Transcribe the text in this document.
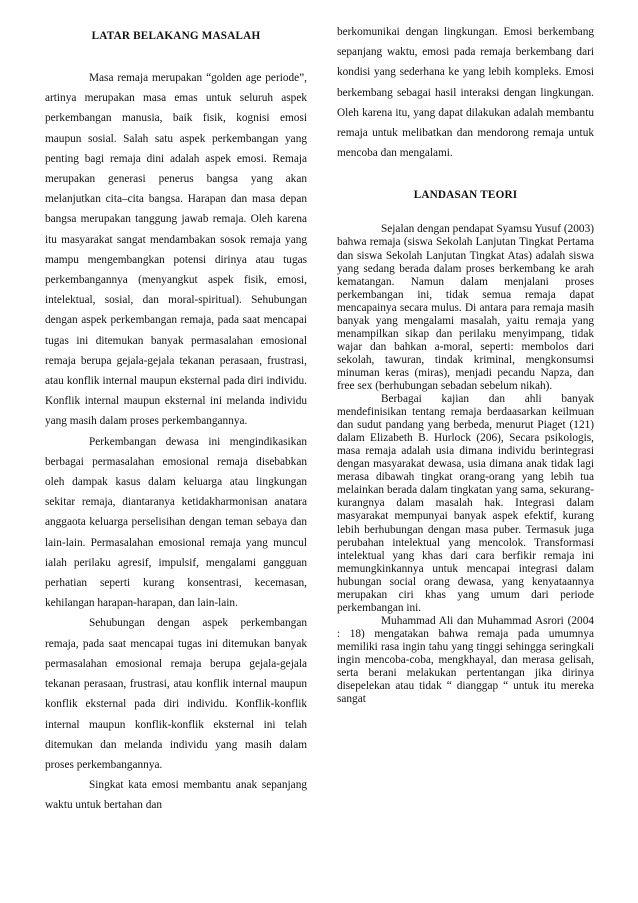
LATAR BELAKANG MASALAH

Masa remaja merupakan “golden age periode”, artinya merupakan masa emas untuk seluruh aspek perkembangan manusia, baik fisik, kognisi emosi maupun sosial. Salah satu aspek perkembangan yang penting bagi remaja dini adalah aspek emosi. Remaja merupakan generasi penerus bangsa yang akan melanjutkan cita–cita bangsa. Harapan dan masa depan bangsa merupakan tanggung jawab remaja. Oleh karena itu masyarakat sangat mendambakan sosok remaja yang mampu mengembangkan potensi dirinya atau tugas perkembangannya (menyangkut aspek fisik, emosi, intelektual, sosial, dan moral-spiritual). Sehubungan dengan aspek perkembangan remaja, pada saat mencapai tugas ini ditemukan banyak permasalahan emosional remaja berupa gejala-gejala tekanan perasaan, frustrasi, atau konflik internal maupun eksternal pada diri individu. Konflik internal maupun eksternal ini melanda individu yang masih dalam proses perkembangannya.

Perkembangan dewasa ini mengindikasikan berbagai permasalahan emosional remaja disebabkan oleh dampak kasus dalam keluarga atau lingkungan sekitar remaja, diantaranya ketidakharmonisan anatara anggaota keluarga perselisihan dengan teman sebaya dan lain-lain. Permasalahan emosional remaja yang muncul ialah perilaku agresif, impulsif, mengalami gangguan perhatian seperti kurang konsentrasi, kecemasan, kehilangan harapan-harapan, dan lain-lain.

Sehubungan dengan aspek perkembangan remaja, pada saat mencapai tugas ini ditemukan banyak permasalahan emosional remaja berupa gejala-gejala tekanan perasaan, frustrasi, atau konflik internal maupun konflik eksternal pada diri individu. Konflik-konflik internal maupun konflik-konflik eksternal ini telah ditemukan dan melanda individu yang masih dalam proses perkembangannya.

Singkat kata emosi membantu anak sepanjang waktu untuk bertahan dan

berkomunikai dengan lingkungan. Emosi berkembang sepanjang waktu, emosi pada remaja berkembang dari kondisi yang sederhana ke yang lebih kompleks. Emosi berkembang sebagai hasil interaksi dengan lingkungan. Oleh karena itu, yang dapat dilakukan adalah membantu remaja untuk melibatkan dan mendorong remaja untuk mencoba dan mengalami.

LANDASAN TEORI

Sejalan dengan pendapat Syamsu Yusuf (2003) bahwa remaja (siswa Sekolah Lanjutan Tingkat Pertama dan siswa Sekolah Lanjutan Tingkat Atas) adalah siswa yang sedang berada dalam proses berkembang ke arah kematangan. Namun dalam menjalani proses perkembangan ini, tidak semua remaja dapat mencapainya secara mulus. Di antara para remaja masih banyak yang mengalami masalah, yaitu remaja yang menampilkan sikap dan perilaku menyimpang, tidak wajar dan bahkan a-moral, seperti: membolos dari sekolah, tawuran, tindak kriminal, mengkonsumsi minuman keras (miras), menjadi pecandu Napza, dan free sex (berhubungan sebadan sebelum nikah).

Berbagai kajian dan ahli banyak mendefinisikan tentang remaja berdaasarkan keilmuan dan sudut pandang yang berbeda, menurut Piaget (121) dalam Elizabeth B. Hurlock (206), Secara psikologis, masa remaja adalah usia dimana individu berintegrasi dengan masyarakat dewasa, usia dimana anak tidak lagi merasa dibawah tingkat orang-orang yang lebih tua melainkan berada dalam tingkatan yang sama, sekurang-kurangnya dalam masalah hak. Integrasi dalam masyarakat mempunyai banyak aspek efektif, kurang lebih berhubungan dengan masa puber. Termasuk juga perubahan intelektual yang mencolok. Transformasi intelektual yang khas dari cara berfikir remaja ini memungkinkannya untuk mencapai integrasi dalam hubungan social orang dewasa, yang kenyataannya merupakan ciri khas yang umum dari periode perkembangan ini.

Muhammad Ali dan Muhammad Asrori (2004 : 18) mengatakan bahwa remaja pada umumnya memiliki rasa ingin tahu yang tinggi sehingga seringkali ingin mencoba-coba, mengkhayal, dan merasa gelisah, serta berani melakukan pertentangan jika dirinya disepelekan atau tidak “ dianggap “ untuk itu mereka sangat
